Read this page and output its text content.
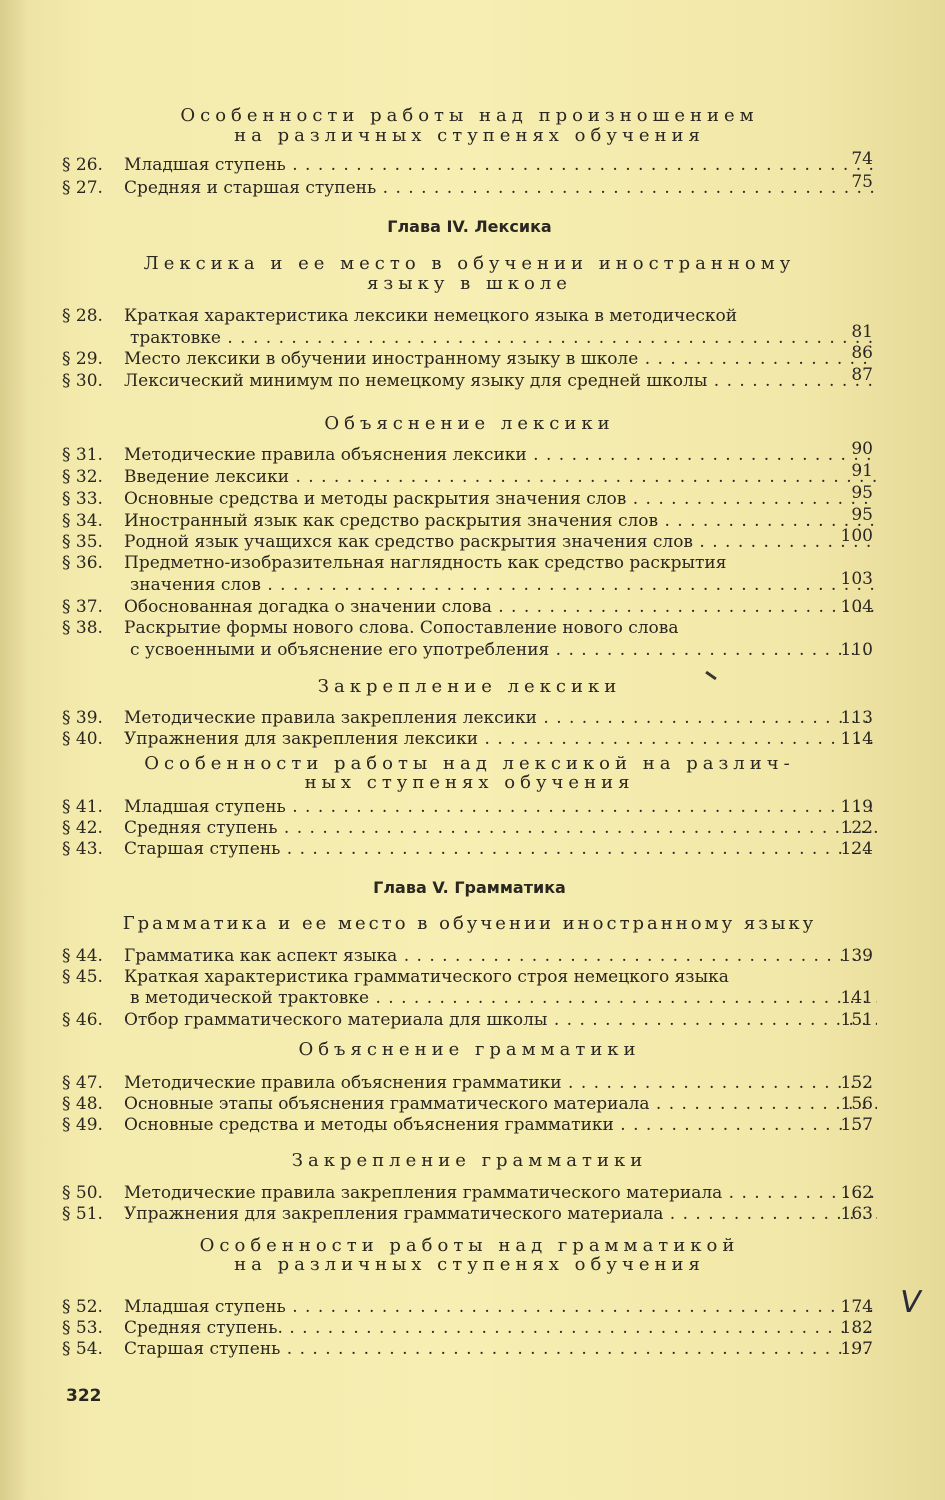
Особенности работы над произношением
на различных ступенях обучения
§ 26. Младшая ступень . . .	74
§ 27. Средняя и старшая ступень . . .	75
Глава IV. Лексика
Лексика и ее место в обучении иностранному
языку в школе
§ 28. Краткая характеристика лексики немецкого языка в методической
трактовке . . .	81
§ 29. Место лексики в обучении иностранному языку в школе . . .	86
§ 30. Лексический минимум по немецкому языку для средней школы . . .	87
Объяснение лексики
§ 31. Методические правила объяснения лексики . . .	90
§ 32. Введение лексики . . .	91
§ 33. Основные средства и методы раскрытия значения слов . . .	95
§ 34. Иностранный язык как средство раскрытия значения слов . . .	95
§ 35. Родной язык учащихся как средство раскрытия значения слов . . .	100
§ 36. Предметно-изобразительная наглядность как средство раскрытия
значения слов . . .	103
§ 37. Обоснованная догадка о значении слова . . .	104
§ 38. Раскрытие формы нового слова. Сопоставление нового слова
с усвоенными и объяснение его употребления . . .	110
Закрепление лексики
§ 39. Методические правила закрепления лексики . . .	113
§ 40. Упражнения для закрепления лексики . . .	114
Особенности работы над лексикой на различ-
ных ступенях обучения
§ 41. Младшая ступень . . .	119
§ 42. Средняя ступень . . .	122
§ 43. Старшая ступень . . .	124
Глава V. Грамматика
Грамматика и ее место в обучении иностранному языку
§ 44. Грамматика как аспект языка . . .	139
§ 45. Краткая характеристика грамматического строя немецкого языка
в методической трактовке . . .	141
§ 46. Отбор грамматического материала для школы . . .	151
Объяснение грамматики
§ 47. Методические правила объяснения грамматики . . .	152
§ 48. Основные этапы объяснения грамматического материала . . .	156
§ 49. Основные средства и методы объяснения грамматики . . .	157
Закрепление грамматики
§ 50. Методические правила закрепления грамматического материала . . .	162
§ 51. Упражнения для закрепления грамматического материала . . .	163
Особенности работы над грамматикой
на различных ступенях обучения
§ 52. Младшая ступень . . .	174
§ 53. Средняя ступень. . . .	182
§ 54. Старшая ступень . . .	197
V
322
